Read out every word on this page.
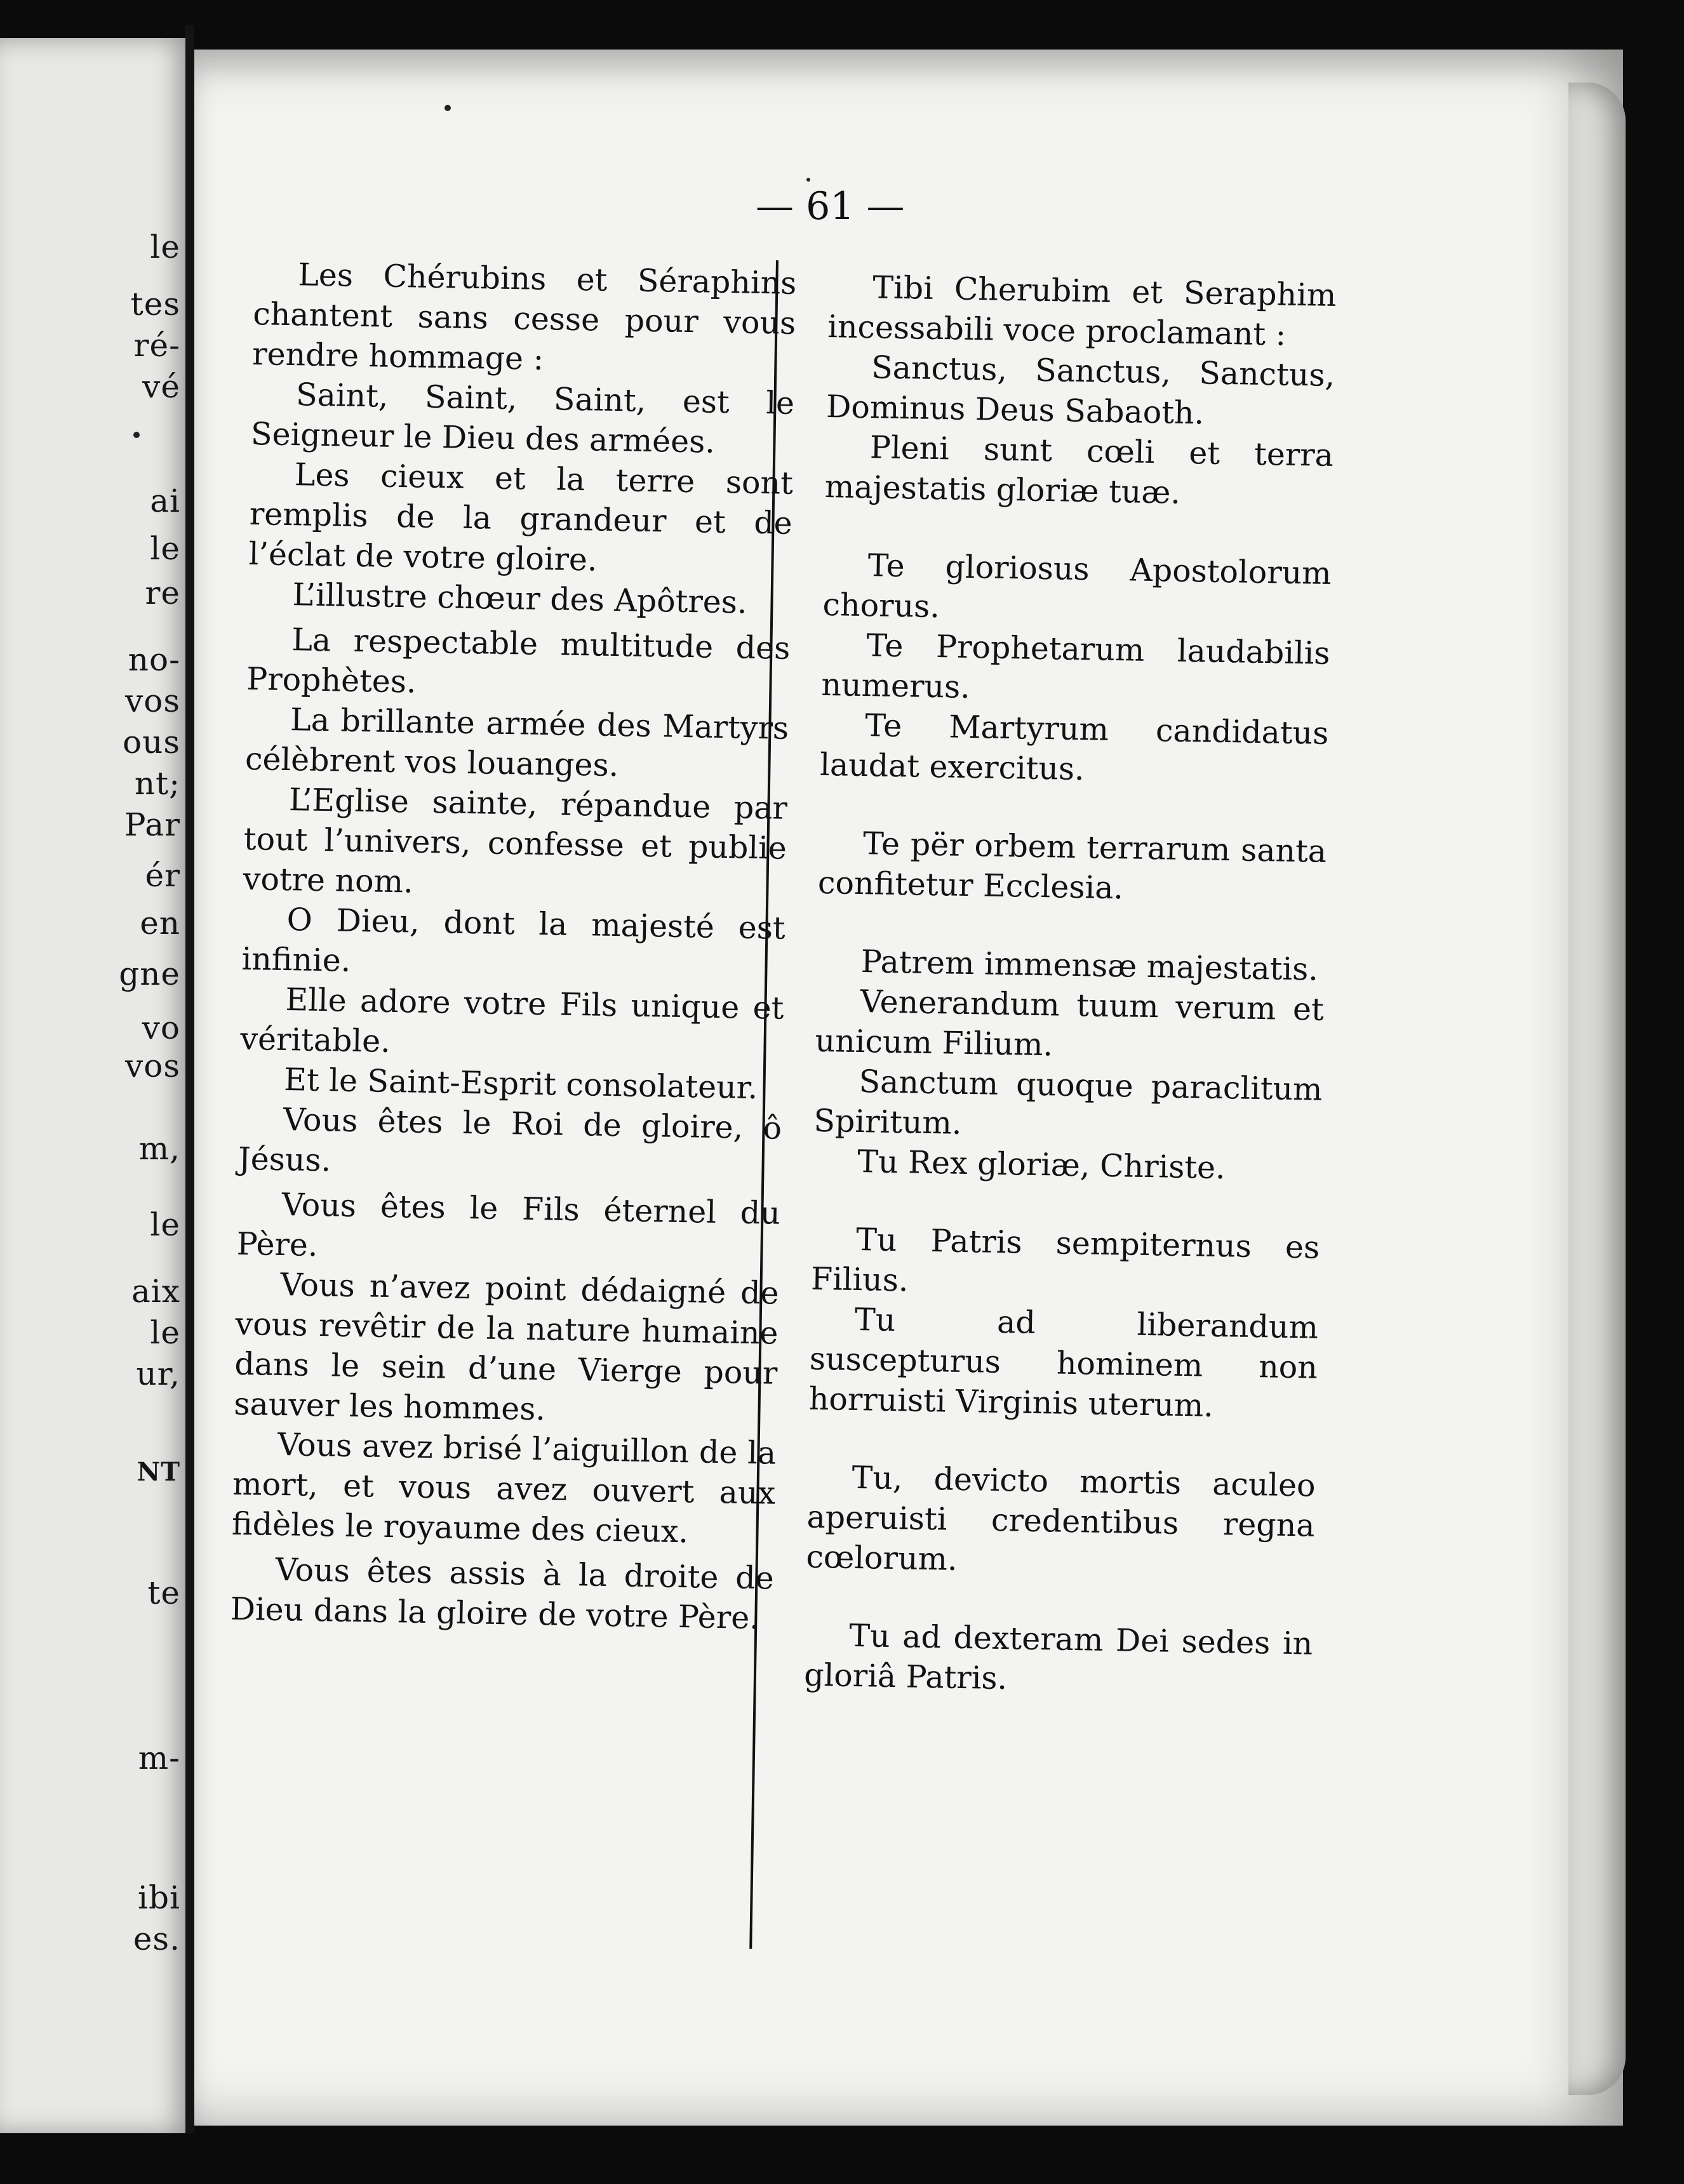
le
tes
ré-
vé
ai
le
re
no-
vos
ous
nt;
Par
ér
en
gne
vo
vos
m,
le
aix
le
ur,
NT
te
m-
ibi
es.
— 61 —

Les Chérubins et Séraphins chantent sans cesse pour vous rendre hommage :

Saint, Saint, Saint, est le Seigneur le Dieu des armées.

Les cieux et la terre sont remplis de la grandeur et de l’éclat de votre gloire.

L’illustre chœur des Apôtres.

La respectable multitude des Prophètes.

La brillante armée des Martyrs célèbrent vos louanges.

L’Eglise sainte, répandue par tout l’univers, confesse et publie votre nom.

O Dieu, dont la majesté est infinie.

Elle adore votre Fils unique et véritable.

Et le Saint-Esprit consolateur.

Vous êtes le Roi de gloire, ô Jésus.

Vous êtes le Fils éternel du Père.

Vous n’avez point dédaigné de vous revêtir de la nature humaine dans le sein d’une Vierge pour sauver les hommes.

Vous avez brisé l’aiguillon de la mort, et vous avez ouvert aux fidèles le royaume des cieux.

Vous êtes assis à la droite de Dieu dans la gloire de votre Père.

Tibi Cherubim et Seraphim incessabili voce proclamant :

Sanctus, Sanctus, Sanctus, Dominus Deus Sabaoth.

Pleni sunt cœli et terra majestatis gloriæ tuæ.

Te gloriosus Apostolorum chorus.

Te Prophetarum laudabilis numerus.

Te Martyrum candidatus laudat exercitus.

Te për orbem terrarum santa confitetur Ecclesia.

Patrem immensæ majestatis.

Venerandum tuum verum et unicum Filium.

Sanctum quoque paraclitum Spiritum.

Tu Rex gloriæ, Christe.

Tu Patris sempiternus es Filius.

Tu ad liberandum suscepturus hominem non horruisti Virginis uterum.

Tu, devicto mortis aculeo aperuisti credentibus regna cœlorum.

Tu ad dexteram Dei sedes in gloriâ Patris.
